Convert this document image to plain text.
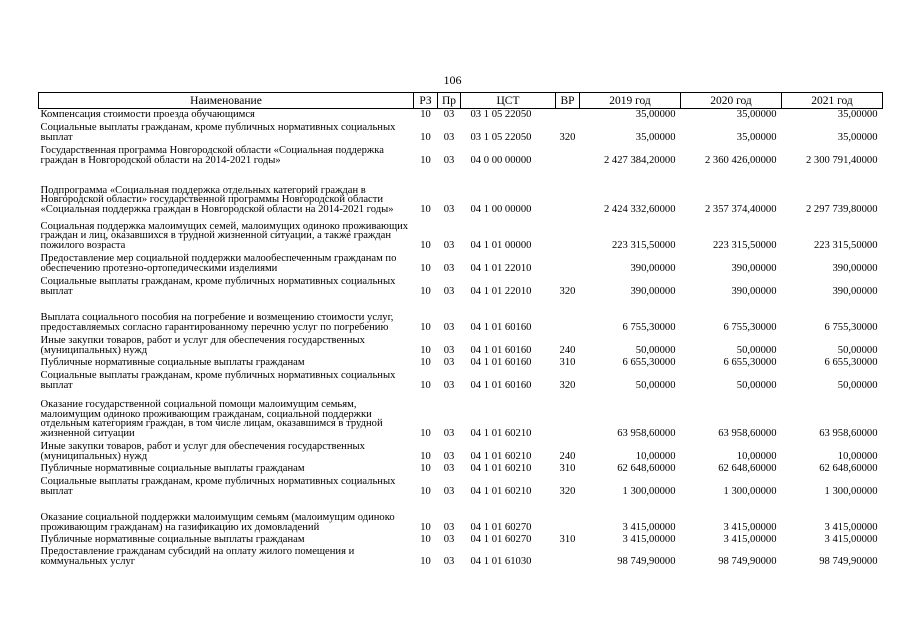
106
Наименование	РЗ	Пр	ЦСТ	ВР	2019 год	2020 год	2021 год
Компенсация стоимости проезда обучающимся	10	03	03 1 05 22050		35,00000	35,00000	35,00000
Социальные выплаты гражданам, кроме публичных нормативных социальных выплат	10	03	03 1 05 22050	320	35,00000	35,00000	35,00000
Государственная программа Новгородской области «Социальная поддержка граждан в Новгородской области на 2014-2021 годы»	10	03	04 0 00 00000		2 427 384,20000	2 360 426,00000	2 300 791,40000
Подпрограмма «Социальная поддержка отдельных категорий граждан в Новгородской области» государственной программы Новгородской области «Социальная поддержка граждан в Новгородской области на 2014-2021 годы»	10	03	04 1 00 00000		2 424 332,60000	2 357 374,40000	2 297 739,80000
Социальная поддержка малоимущих семей, малоимущих одиноко проживающих граждан и лиц, оказавшихся в трудной жизненной ситуации, а также граждан пожилого возраста	10	03	04 1 01 00000		223 315,50000	223 315,50000	223 315,50000
Предоставление мер социальной поддержки малообеспеченным гражданам по обеспечению протезно-ортопедическими изделиями	10	03	04 1 01 22010		390,00000	390,00000	390,00000
Социальные выплаты гражданам, кроме публичных нормативных социальных выплат	10	03	04 1 01 22010	320	390,00000	390,00000	390,00000
Выплата социального пособия на погребение и возмещению стоимости услуг, предоставляемых согласно гарантированному перечню услуг по погребению	10	03	04 1 01 60160		6 755,30000	6 755,30000	6 755,30000
Иные закупки товаров, работ и услуг для обеспечения государственных (муниципальных) нужд	10	03	04 1 01 60160	240	50,00000	50,00000	50,00000
Публичные нормативные социальные выплаты гражданам	10	03	04 1 01 60160	310	6 655,30000	6 655,30000	6 655,30000
Социальные выплаты гражданам, кроме публичных нормативных социальных выплат	10	03	04 1 01 60160	320	50,00000	50,00000	50,00000
Оказание государственной социальной помощи малоимущим семьям, малоимущим одиноко проживающим гражданам, социальной поддержки отдельным категориям граждан, в том числе лицам, оказавшимся в трудной жизненной ситуации	10	03	04 1 01 60210		63 958,60000	63 958,60000	63 958,60000
Иные закупки товаров, работ и услуг для обеспечения государственных (муниципальных) нужд	10	03	04 1 01 60210	240	10,00000	10,00000	10,00000
Публичные нормативные социальные выплаты гражданам	10	03	04 1 01 60210	310	62 648,60000	62 648,60000	62 648,60000
Социальные выплаты гражданам, кроме публичных нормативных социальных выплат	10	03	04 1 01 60210	320	1 300,00000	1 300,00000	1 300,00000
Оказание социальной поддержки малоимущим семьям (малоимущим одиноко проживающим гражданам) на газификацию их домовладений	10	03	04 1 01 60270		3 415,00000	3 415,00000	3 415,00000
Публичные нормативные социальные выплаты гражданам	10	03	04 1 01 60270	310	3 415,00000	3 415,00000	3 415,00000
Предоставление гражданам субсидий на оплату жилого помещения и коммунальных услуг	10	03	04 1 01 61030		98 749,90000	98 749,90000	98 749,90000
